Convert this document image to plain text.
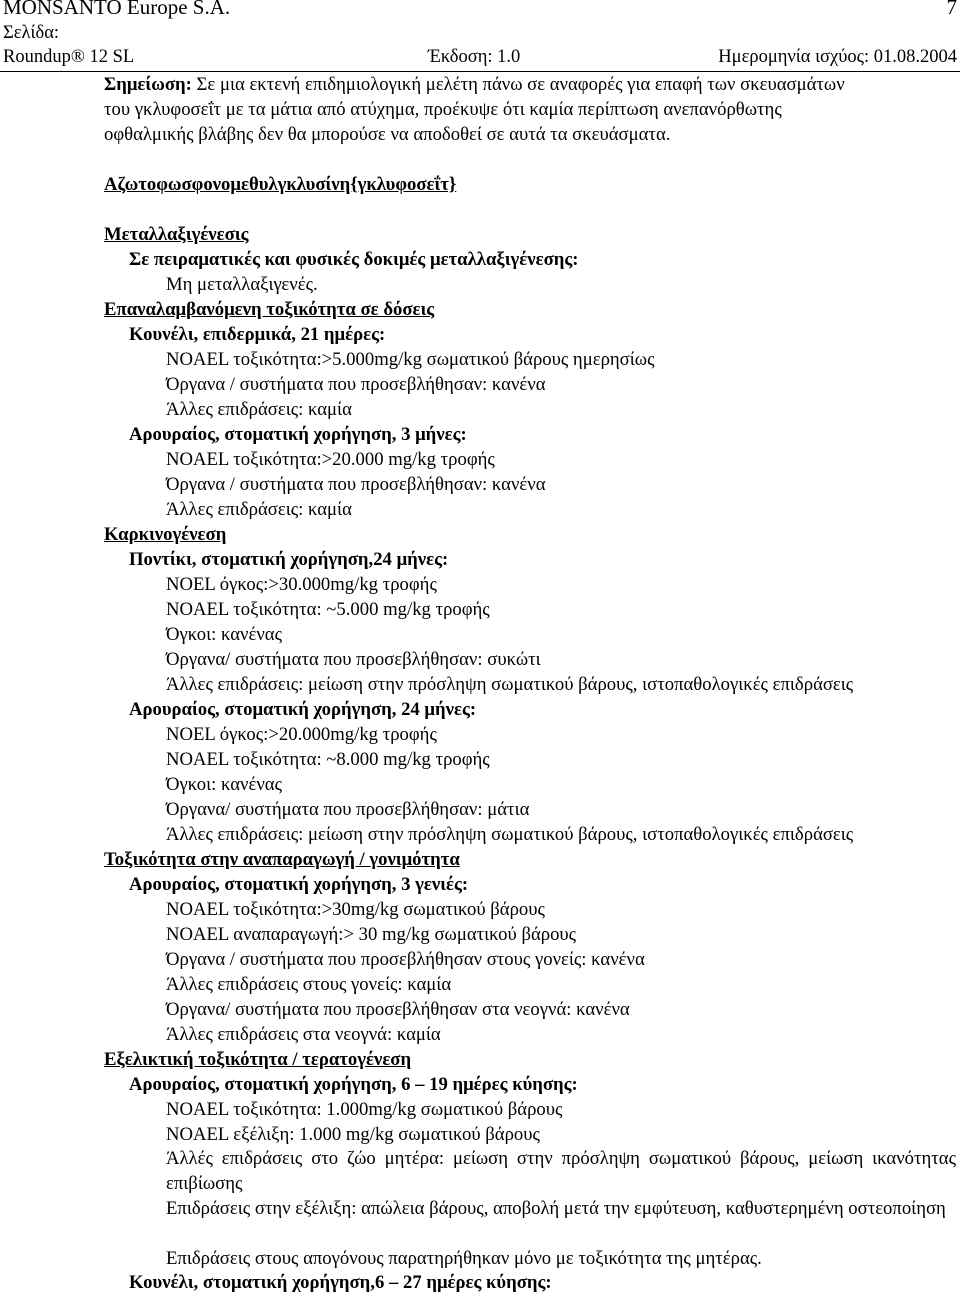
MONSANTO Europe S.A.	7
Σελίδα:
Roundup® 12 SL	Έκδοση: 1.0	Ημερομηνία ισχύος: 01.08.2004
Σημείωση: Σε μια εκτενή επιδημιολογική μελέτη πάνω σε αναφορές για επαφή των σκευασμάτων
του γκλυφοσεΐτ με τα μάτια από ατύχημα, προέκυψε ότι καμία περίπτωση ανεπανόρθωτης
οφθαλμικής βλάβης δεν θα μπορούσε να αποδοθεί σε αυτά τα σκευάσματα.
Αζωτοφωσφονομεθυλγκλυσίνη{γκλυφοσεΐτ}
Μεταλλαξιγένεσις
Σε πειραματικές και φυσικές δοκιμές μεταλλαξιγένεσης:
Μη μεταλλαξιγενές.
Επαναλαμβανόμενη τοξικότητα σε δόσεις
Κουνέλι, επιδερμικά, 21 ημέρες:
NOAEL τοξικότητα:>5.000mg/kg σωματικού βάρους ημερησίως
Όργανα / συστήματα που προσεβλήθησαν: κανένα
Άλλες επιδράσεις: καμία
Αρουραίος, στοματική χορήγηση, 3 μήνες:
NOAEL τοξικότητα:>20.000 mg/kg τροφής
Όργανα / συστήματα που προσεβλήθησαν: κανένα
Άλλες επιδράσεις: καμία
Καρκινογένεση
Ποντίκι, στοματική χορήγηση,24 μήνες:
NOEL όγκος:>30.000mg/kg τροφής
NOAEL τοξικότητα: ~5.000 mg/kg τροφής
Όγκοι: κανένας
Όργανα/ συστήματα που προσεβλήθησαν: συκώτι
Άλλες επιδράσεις: μείωση στην πρόσληψη σωματικού βάρους, ιστοπαθολογικές επιδράσεις
Αρουραίος, στοματική χορήγηση, 24 μήνες:
NOEL όγκος:>20.000mg/kg τροφής
NOAEL τοξικότητα: ~8.000 mg/kg τροφής
Όγκοι: κανένας
Όργανα/ συστήματα που προσεβλήθησαν: μάτια
Άλλες επιδράσεις: μείωση στην πρόσληψη σωματικού βάρους, ιστοπαθολογικές επιδράσεις
Τοξικότητα στην αναπαραγωγή / γονιμότητα
Αρουραίος, στοματική χορήγηση, 3 γενιές:
NOAEL τοξικότητα:>30mg/kg σωματικού βάρους
NOAEL αναπαραγωγή:> 30 mg/kg σωματικού βάρους
Όργανα / συστήματα που προσεβλήθησαν στους γονείς: κανένα
Άλλες επιδράσεις στους γονείς: καμία
Όργανα/ συστήματα που προσεβλήθησαν στα νεογνά: κανένα
Άλλες επιδράσεις στα νεογνά: καμία
Εξελικτική τοξικότητα / τερατογένεση
Αρουραίος, στοματική χορήγηση, 6 – 19 ημέρες κύησης:
NOAEL τοξικότητα: 1.000mg/kg σωματικού βάρους
NOAEL εξέλιξη: 1.000 mg/kg σωματικού βάρους
Άλλές επιδράσεις στο ζώο μητέρα: μείωση στην πρόσληψη σωματικού βάρους, μείωση ικανότητας επιβίωσης
Επιδράσεις στην εξέλιξη: απώλεια βάρους, αποβολή μετά την εμφύτευση, καθυστερημένη οστεοποίηση
Επιδράσεις στους απογόνους παρατηρήθηκαν μόνο με τοξικότητα της μητέρας.
Κουνέλι, στοματική χορήγηση,6 – 27 ημέρες κύησης:
